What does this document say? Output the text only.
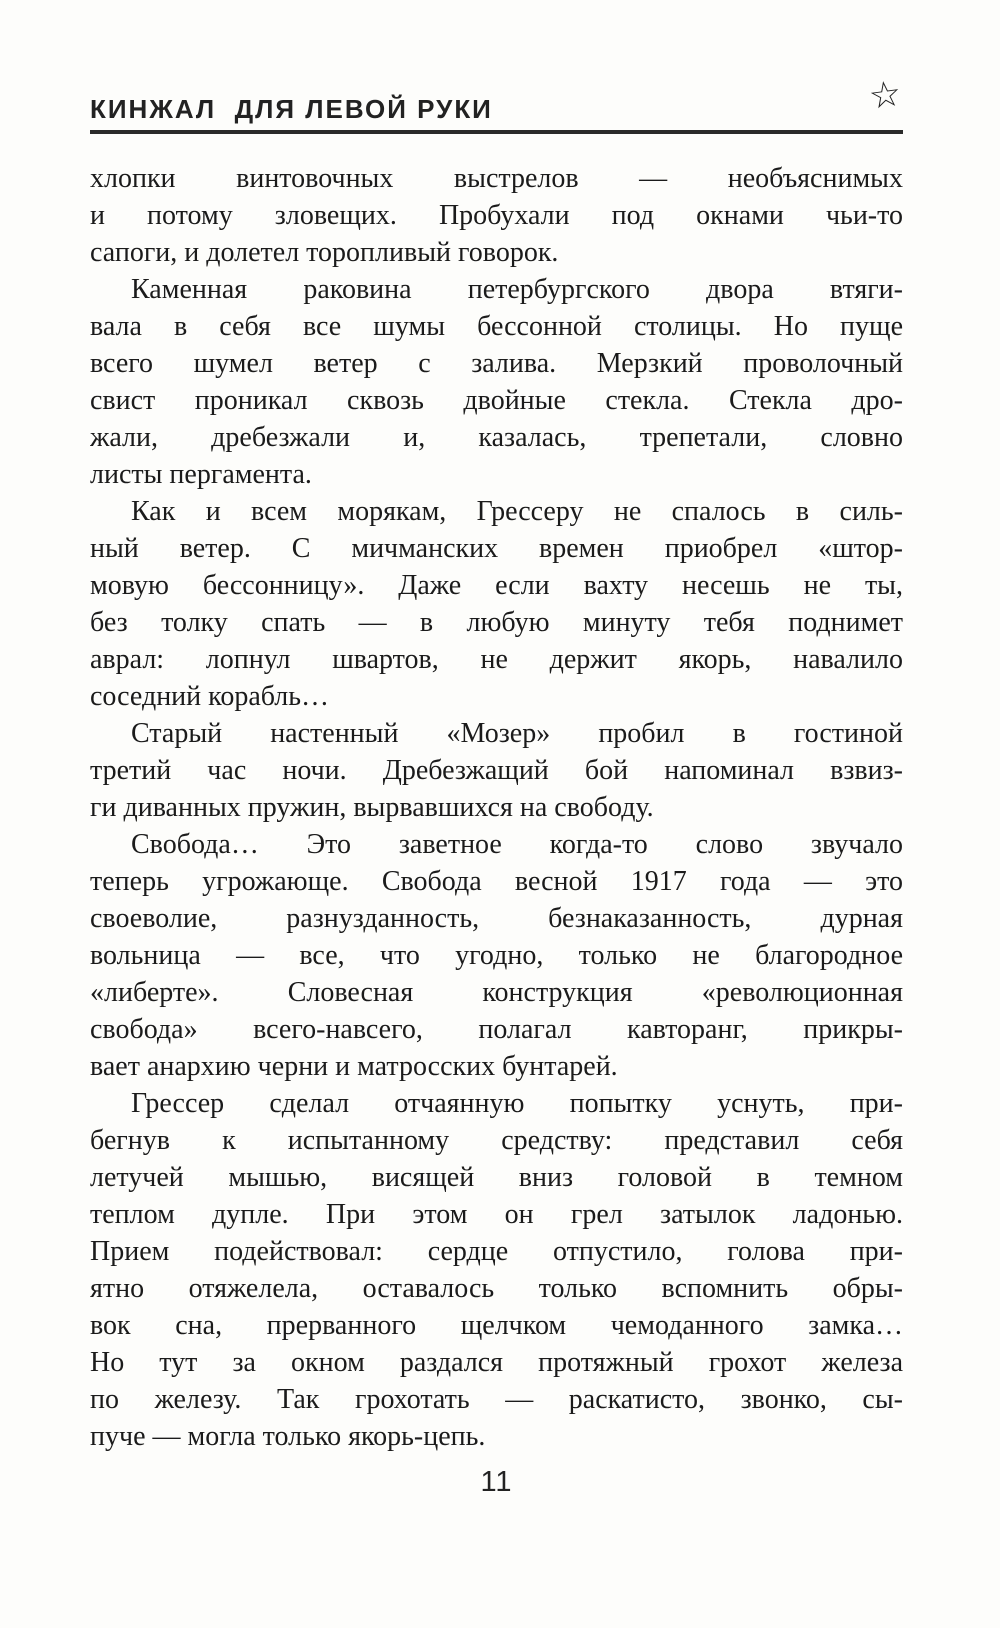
КИНЖАЛ  ДЛЯ ЛЕВОЙ РУКИ	☆
хлопки винтовочных выстрелов — необъяснимых
и потому зловещих. Пробухали под окнами чьи-то
сапоги, и долетел торопливый говорок.
Каменная раковина петербургского двора втяги-
вала в себя все шумы бессонной столицы. Но пуще
всего шумел ветер с залива. Мерзкий проволочный
свист проникал сквозь двойные стекла. Стекла дро-
жали, дребезжали и, казалась, трепетали, словно
листы пергамента.
Как и всем морякам, Грессеру не спалось в силь-
ный ветер. С мичманских времен приобрел «штор-
мовую бессонницу». Даже если вахту несешь не ты,
без толку спать — в любую минуту тебя поднимет
аврал: лопнул швартов, не держит якорь, навалило
соседний корабль…
Старый настенный «Мозер» пробил в гостиной
третий час ночи. Дребезжащий бой напоминал взвиз-
ги диванных пружин, вырвавшихся на свободу.
Свобода… Это заветное когда-то слово звучало
теперь угрожающе. Свобода весной 1917 года — это
своеволие, разнузданность, безнаказанность, дурная
вольница — все, что угодно, только не благородное
«либерте». Словесная конструкция «революционная
свобода» всего-навсего, полагал кавторанг, прикры-
вает анархию черни и матросских бунтарей.
Грессер сделал отчаянную попытку уснуть, при-
бегнув к испытанному средству: представил себя
летучей мышью, висящей вниз головой в темном
теплом дупле. При этом он грел затылок ладонью.
Прием подействовал: сердце отпустило, голова при-
ятно отяжелела, оставалось только вспомнить обры-
вок сна, прерванного щелчком чемоданного замка…
Но тут за окном раздался протяжный грохот железа
по железу. Так грохотать — раскатисто, звонко, сы-
пуче — могла только якорь-цепь.
11
